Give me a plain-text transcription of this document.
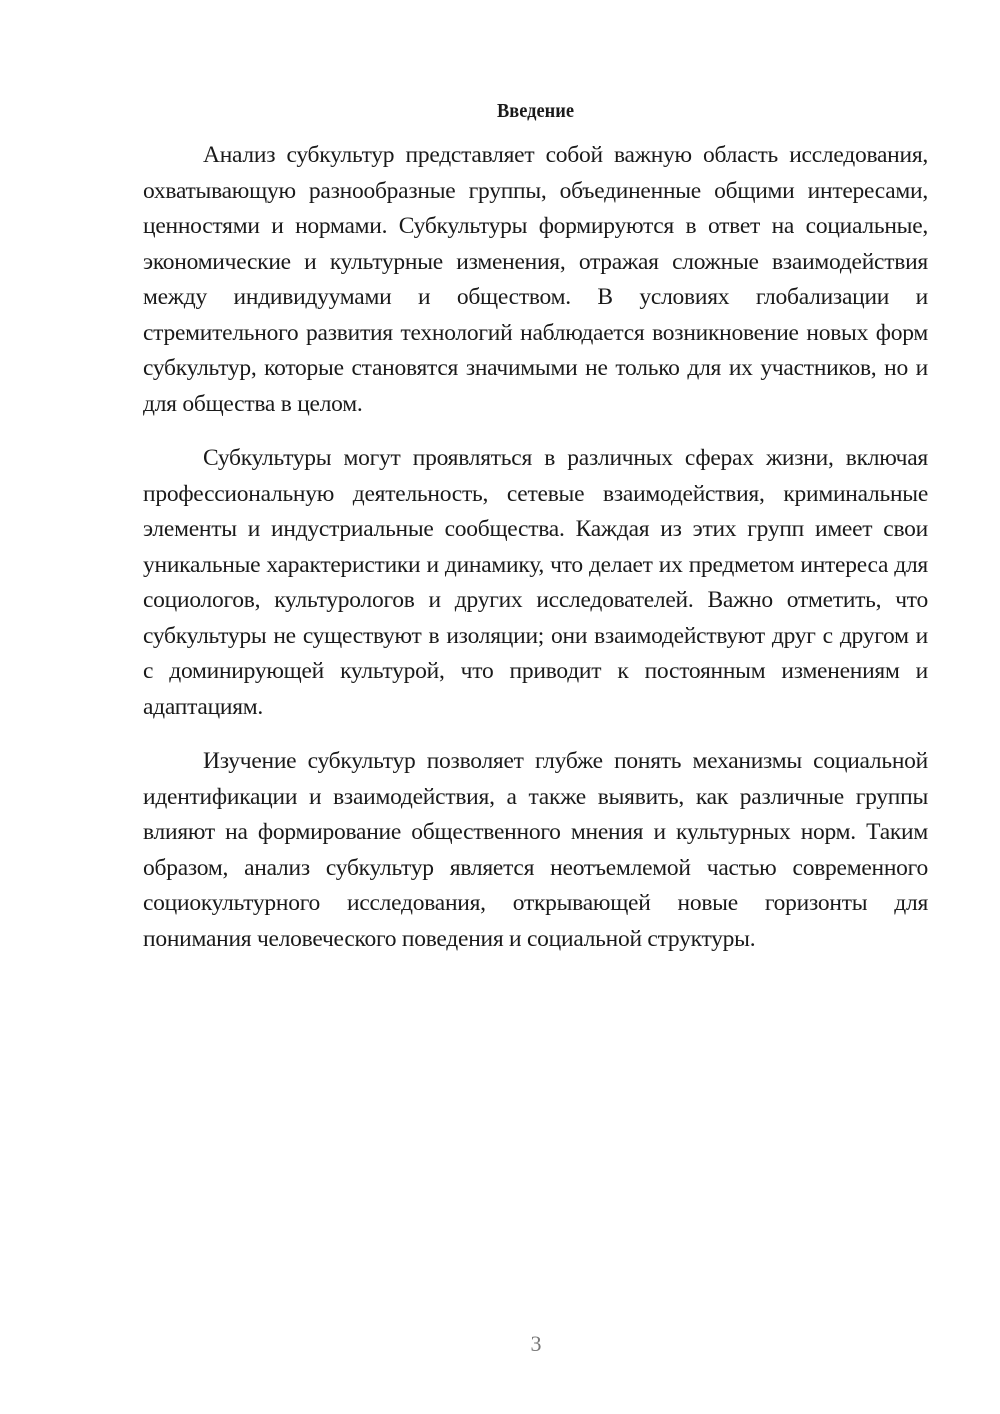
Введение

Анализ субкультур представляет собой важную область исследования, охватывающую разнообразные группы, объединенные общими интересами, ценностями и нормами. Субкультуры формируются в ответ на социальные, экономические и культурные изменения, отражая сложные взаимодействия между индивидуумами и обществом. В условиях глобализации и стремительного развития технологий наблюдается возникновение новых форм субкультур, которые становятся значимыми не только для их участников, но и для общества в целом.

Субкультуры могут проявляться в различных сферах жизни, включая профессиональную деятельность, сетевые взаимодействия, криминальные элементы и индустриальные сообщества. Каждая из этих групп имеет свои уникальные характеристики и динамику, что делает их предметом интереса для социологов, культурологов и других исследователей. Важно отметить, что субкультуры не существуют в изоляции; они взаимодействуют друг с другом и с доминирующей культурой, что приводит к постоянным изменениям и адаптациям.

Изучение субкультур позволяет глубже понять механизмы социальной идентификации и взаимодействия, а также выявить, как различные группы влияют на формирование общественного мнения и культурных норм. Таким образом, анализ субкультур является неотъемлемой частью современного социокультурного исследования, открывающей новые горизонты для понимания человеческого поведения и социальной структуры.

3
